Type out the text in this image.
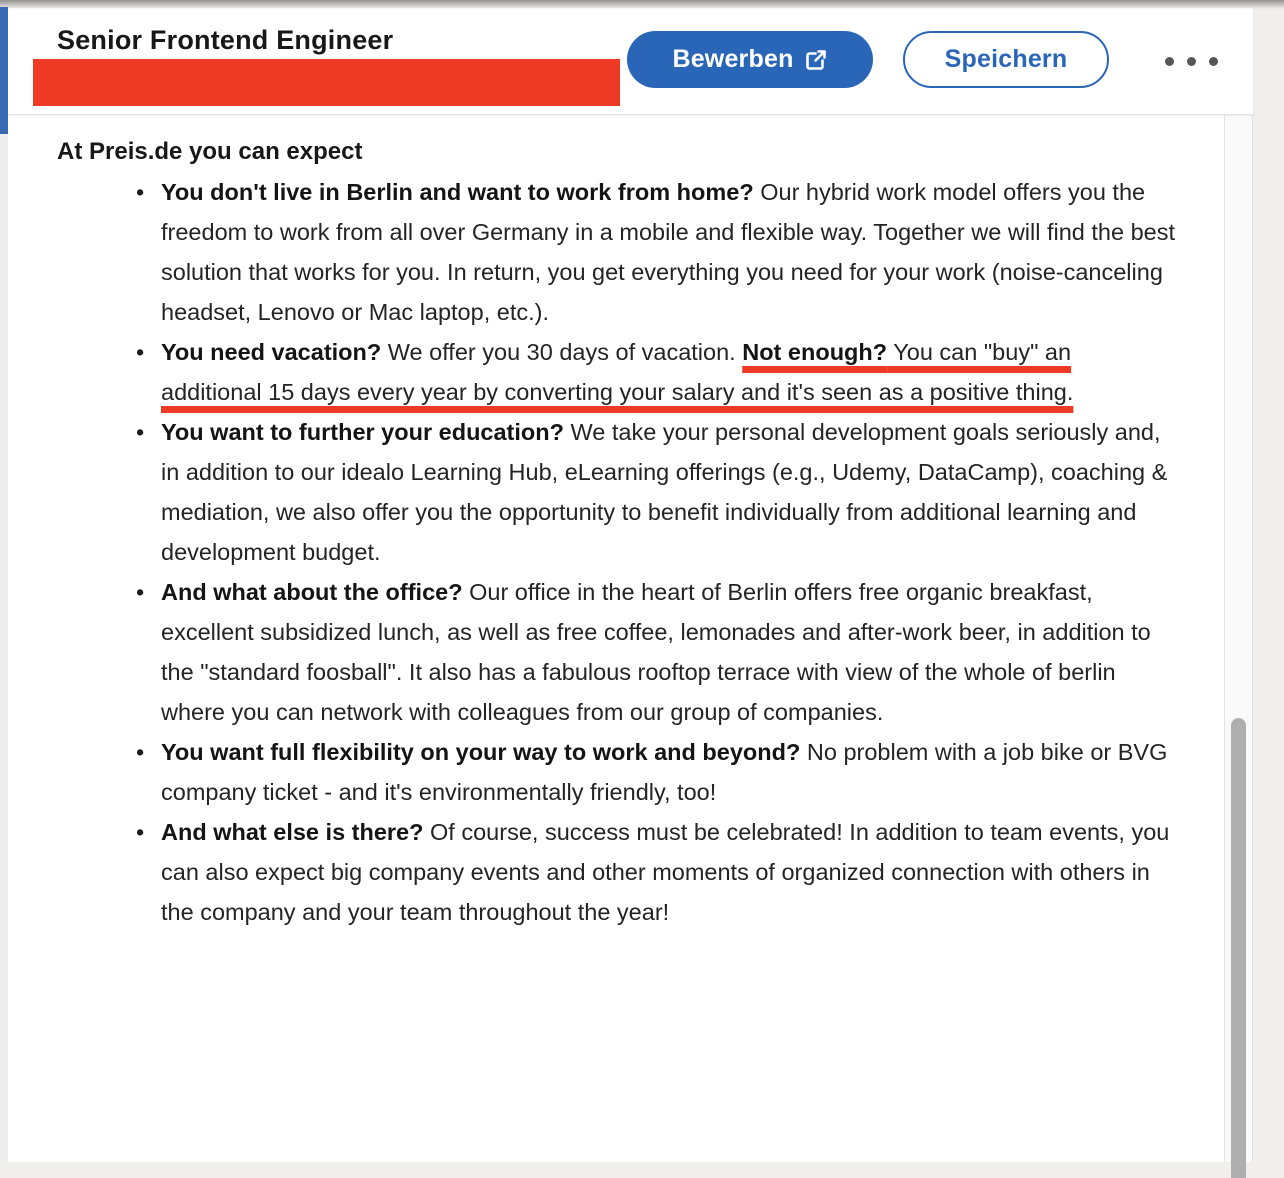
Senior Frontend Engineer
Bewerben	Speichern
At Preis.de you can expect
• You don't live in Berlin and want to work from home? Our hybrid work model offers you the freedom to work from all over Germany in a mobile and flexible way. Together we will find the best solution that works for you. In return, you get everything you need for your work (noise-canceling headset, Lenovo or Mac laptop, etc.).
• You need vacation? We offer you 30 days of vacation. Not enough? You can "buy" an additional 15 days every year by converting your salary and it's seen as a positive thing.
• You want to further your education? We take your personal development goals seriously and, in addition to our idealo Learning Hub, eLearning offerings (e.g., Udemy, DataCamp), coaching & mediation, we also offer you the opportunity to benefit individually from additional learning and development budget.
• And what about the office? Our office in the heart of Berlin offers free organic breakfast, excellent subsidized lunch, as well as free coffee, lemonades and after-work beer, in addition to the "standard foosball". It also has a fabulous rooftop terrace with view of the whole of berlin where you can network with colleagues from our group of companies.
• You want full flexibility on your way to work and beyond? No problem with a job bike or BVG company ticket - and it's environmentally friendly, too!
• And what else is there? Of course, success must be celebrated! In addition to team events, you can also expect big company events and other moments of organized connection with others in the company and your team throughout the year!
